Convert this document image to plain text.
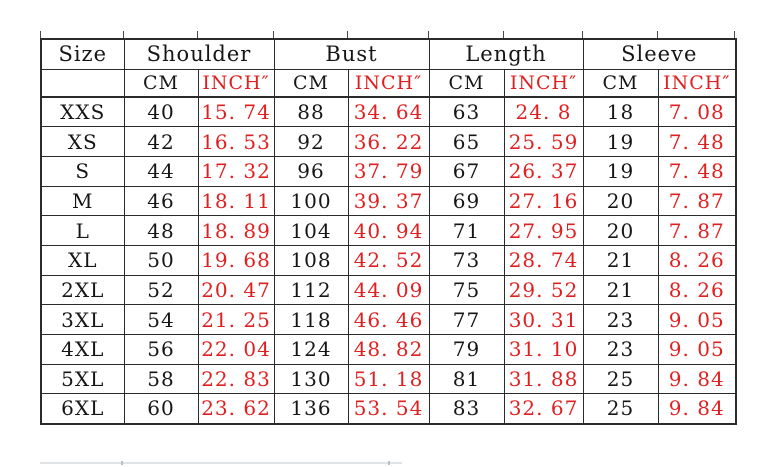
Size	Shoulder		Bust		Length		Sleeve	
	CM	INCH″	CM	INCH″	CM	INCH″	CM	INCH″
XXS	40	15. 74	88	34. 64	63	24. 8	18	7. 08
XS	42	16. 53	92	36. 22	65	25. 59	19	7. 48
S	44	17. 32	96	37. 79	67	26. 37	19	7. 48
M	46	18. 11	100	39. 37	69	27. 16	20	7. 87
L	48	18. 89	104	40. 94	71	27. 95	20	7. 87
XL	50	19. 68	108	42. 52	73	28. 74	21	8. 26
2XL	52	20. 47	112	44. 09	75	29. 52	21	8. 26
3XL	54	21. 25	118	46. 46	77	30. 31	23	9. 05
4XL	56	22. 04	124	48. 82	79	31. 10	23	9. 05
5XL	58	22. 83	130	51. 18	81	31. 88	25	9. 84
6XL	60	23. 62	136	53. 54	83	32. 67	25	9. 84
